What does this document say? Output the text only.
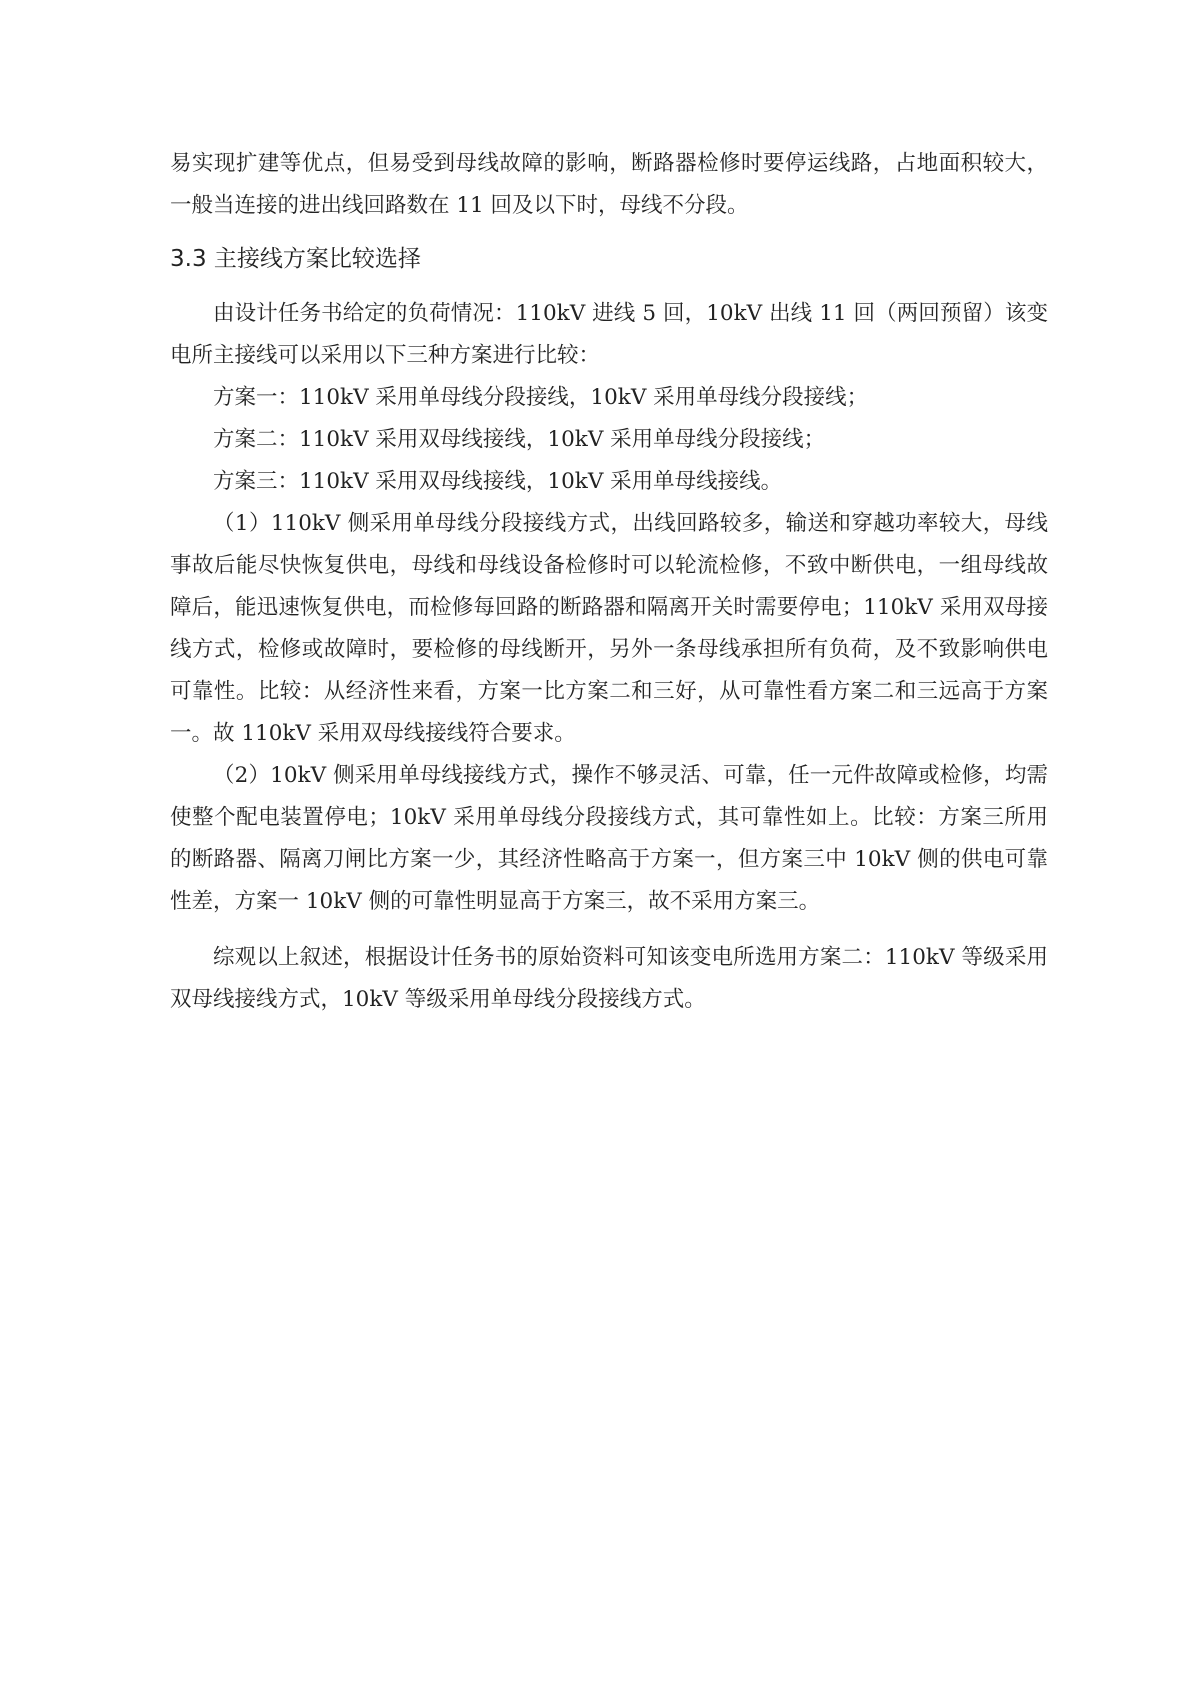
易实现扩建等优点，但易受到母线故障的影响，断路器检修时要停运线路，占地面积较大，一般当连接的进出线回路数在 11 回及以下时，母线不分段。

3.3 主接线方案比较选择

由设计任务书给定的负荷情况：110kV 进线 5 回，10kV 出线 11 回（两回预留）该变电所主接线可以采用以下三种方案进行比较：

方案一：110kV 采用单母线分段接线，10kV 采用单母线分段接线；

方案二：110kV 采用双母线接线，10kV 采用单母线分段接线；

方案三：110kV 采用双母线接线，10kV 采用单母线接线。

（1）110kV 侧采用单母线分段接线方式，出线回路较多，输送和穿越功率较大，母线事故后能尽快恢复供电，母线和母线设备检修时可以轮流检修，不致中断供电，一组母线故障后，能迅速恢复供电，而检修每回路的断路器和隔离开关时需要停电；110kV 采用双母接线方式，检修或故障时，要检修的母线断开，另外一条母线承担所有负荷，及不致影响供电可靠性。比较：从经济性来看，方案一比方案二和三好，从可靠性看方案二和三远高于方案一。故 110kV 采用双母线接线符合要求。

（2）10kV 侧采用单母线接线方式，操作不够灵活、可靠，任一元件故障或检修，均需使整个配电装置停电；10kV 采用单母线分段接线方式，其可靠性如上。比较：方案三所用的断路器、隔离刀闸比方案一少，其经济性略高于方案一，但方案三中 10kV 侧的供电可靠性差，方案一 10kV 侧的可靠性明显高于方案三，故不采用方案三。

综观以上叙述，根据设计任务书的原始资料可知该变电所选用方案二：110kV 等级采用双母线接线方式，10kV 等级采用单母线分段接线方式。
